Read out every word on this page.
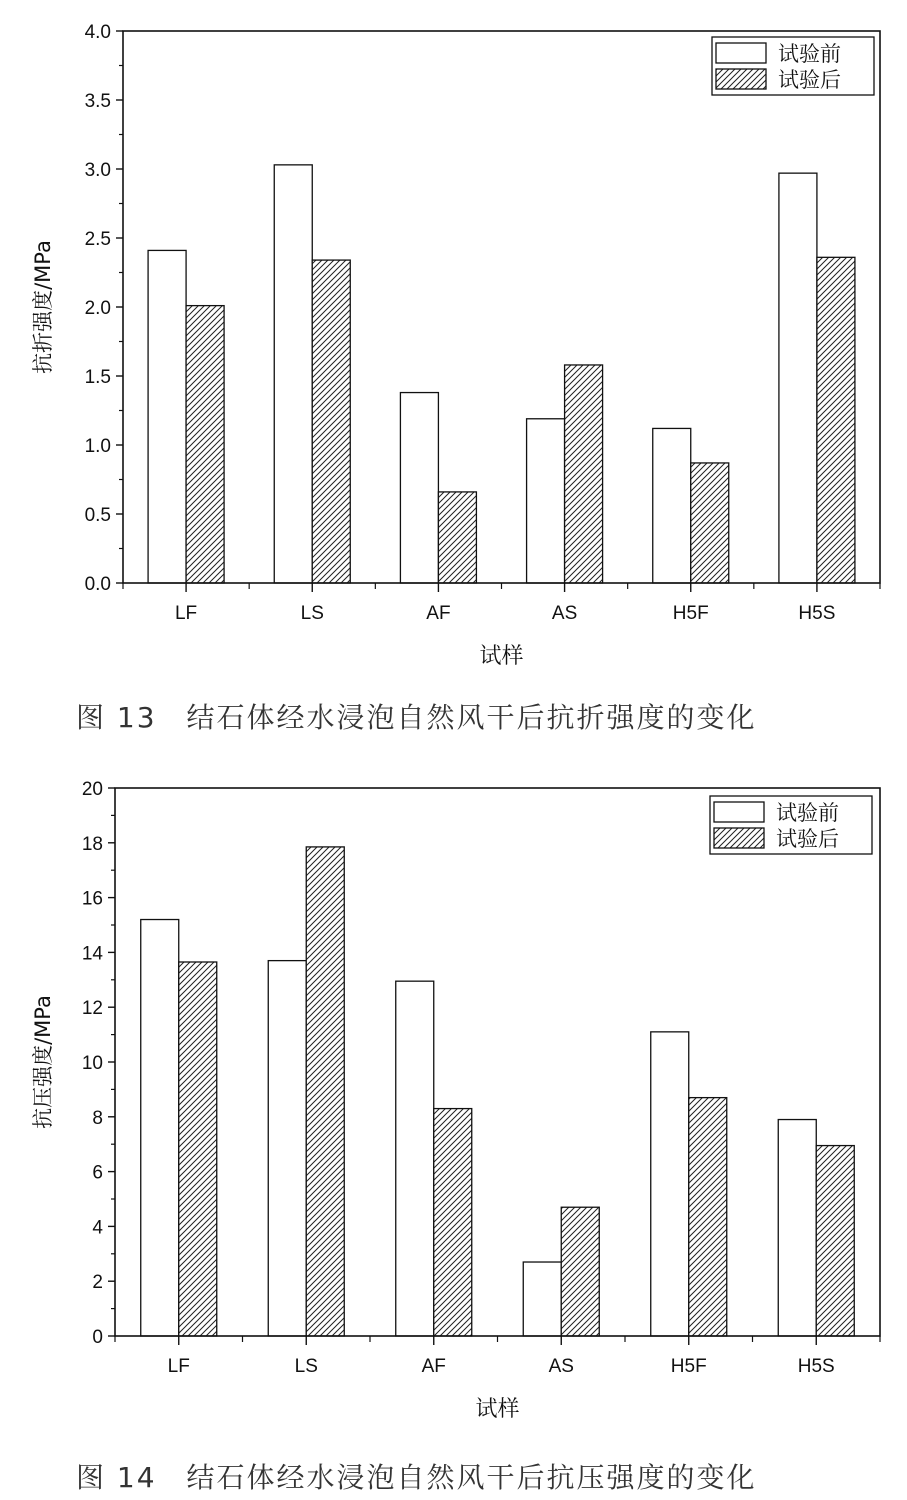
0.0
0.5
1.0
1.5
2.0
2.5
3.0
3.5
4.0
LF	LS	AF	AS	H5F	H5S
试样
抗折强度/MPa
试验前
试验后
图 13 结石体经水浸泡自然风干后抗折强度的变化
0
2
4
6
8
10
12
14
16
18
20
LF	LS	AF	AS	H5F	H5S
试样
抗压强度/MPa
试验前
试验后
图 14 结石体经水浸泡自然风干后抗压强度的变化
